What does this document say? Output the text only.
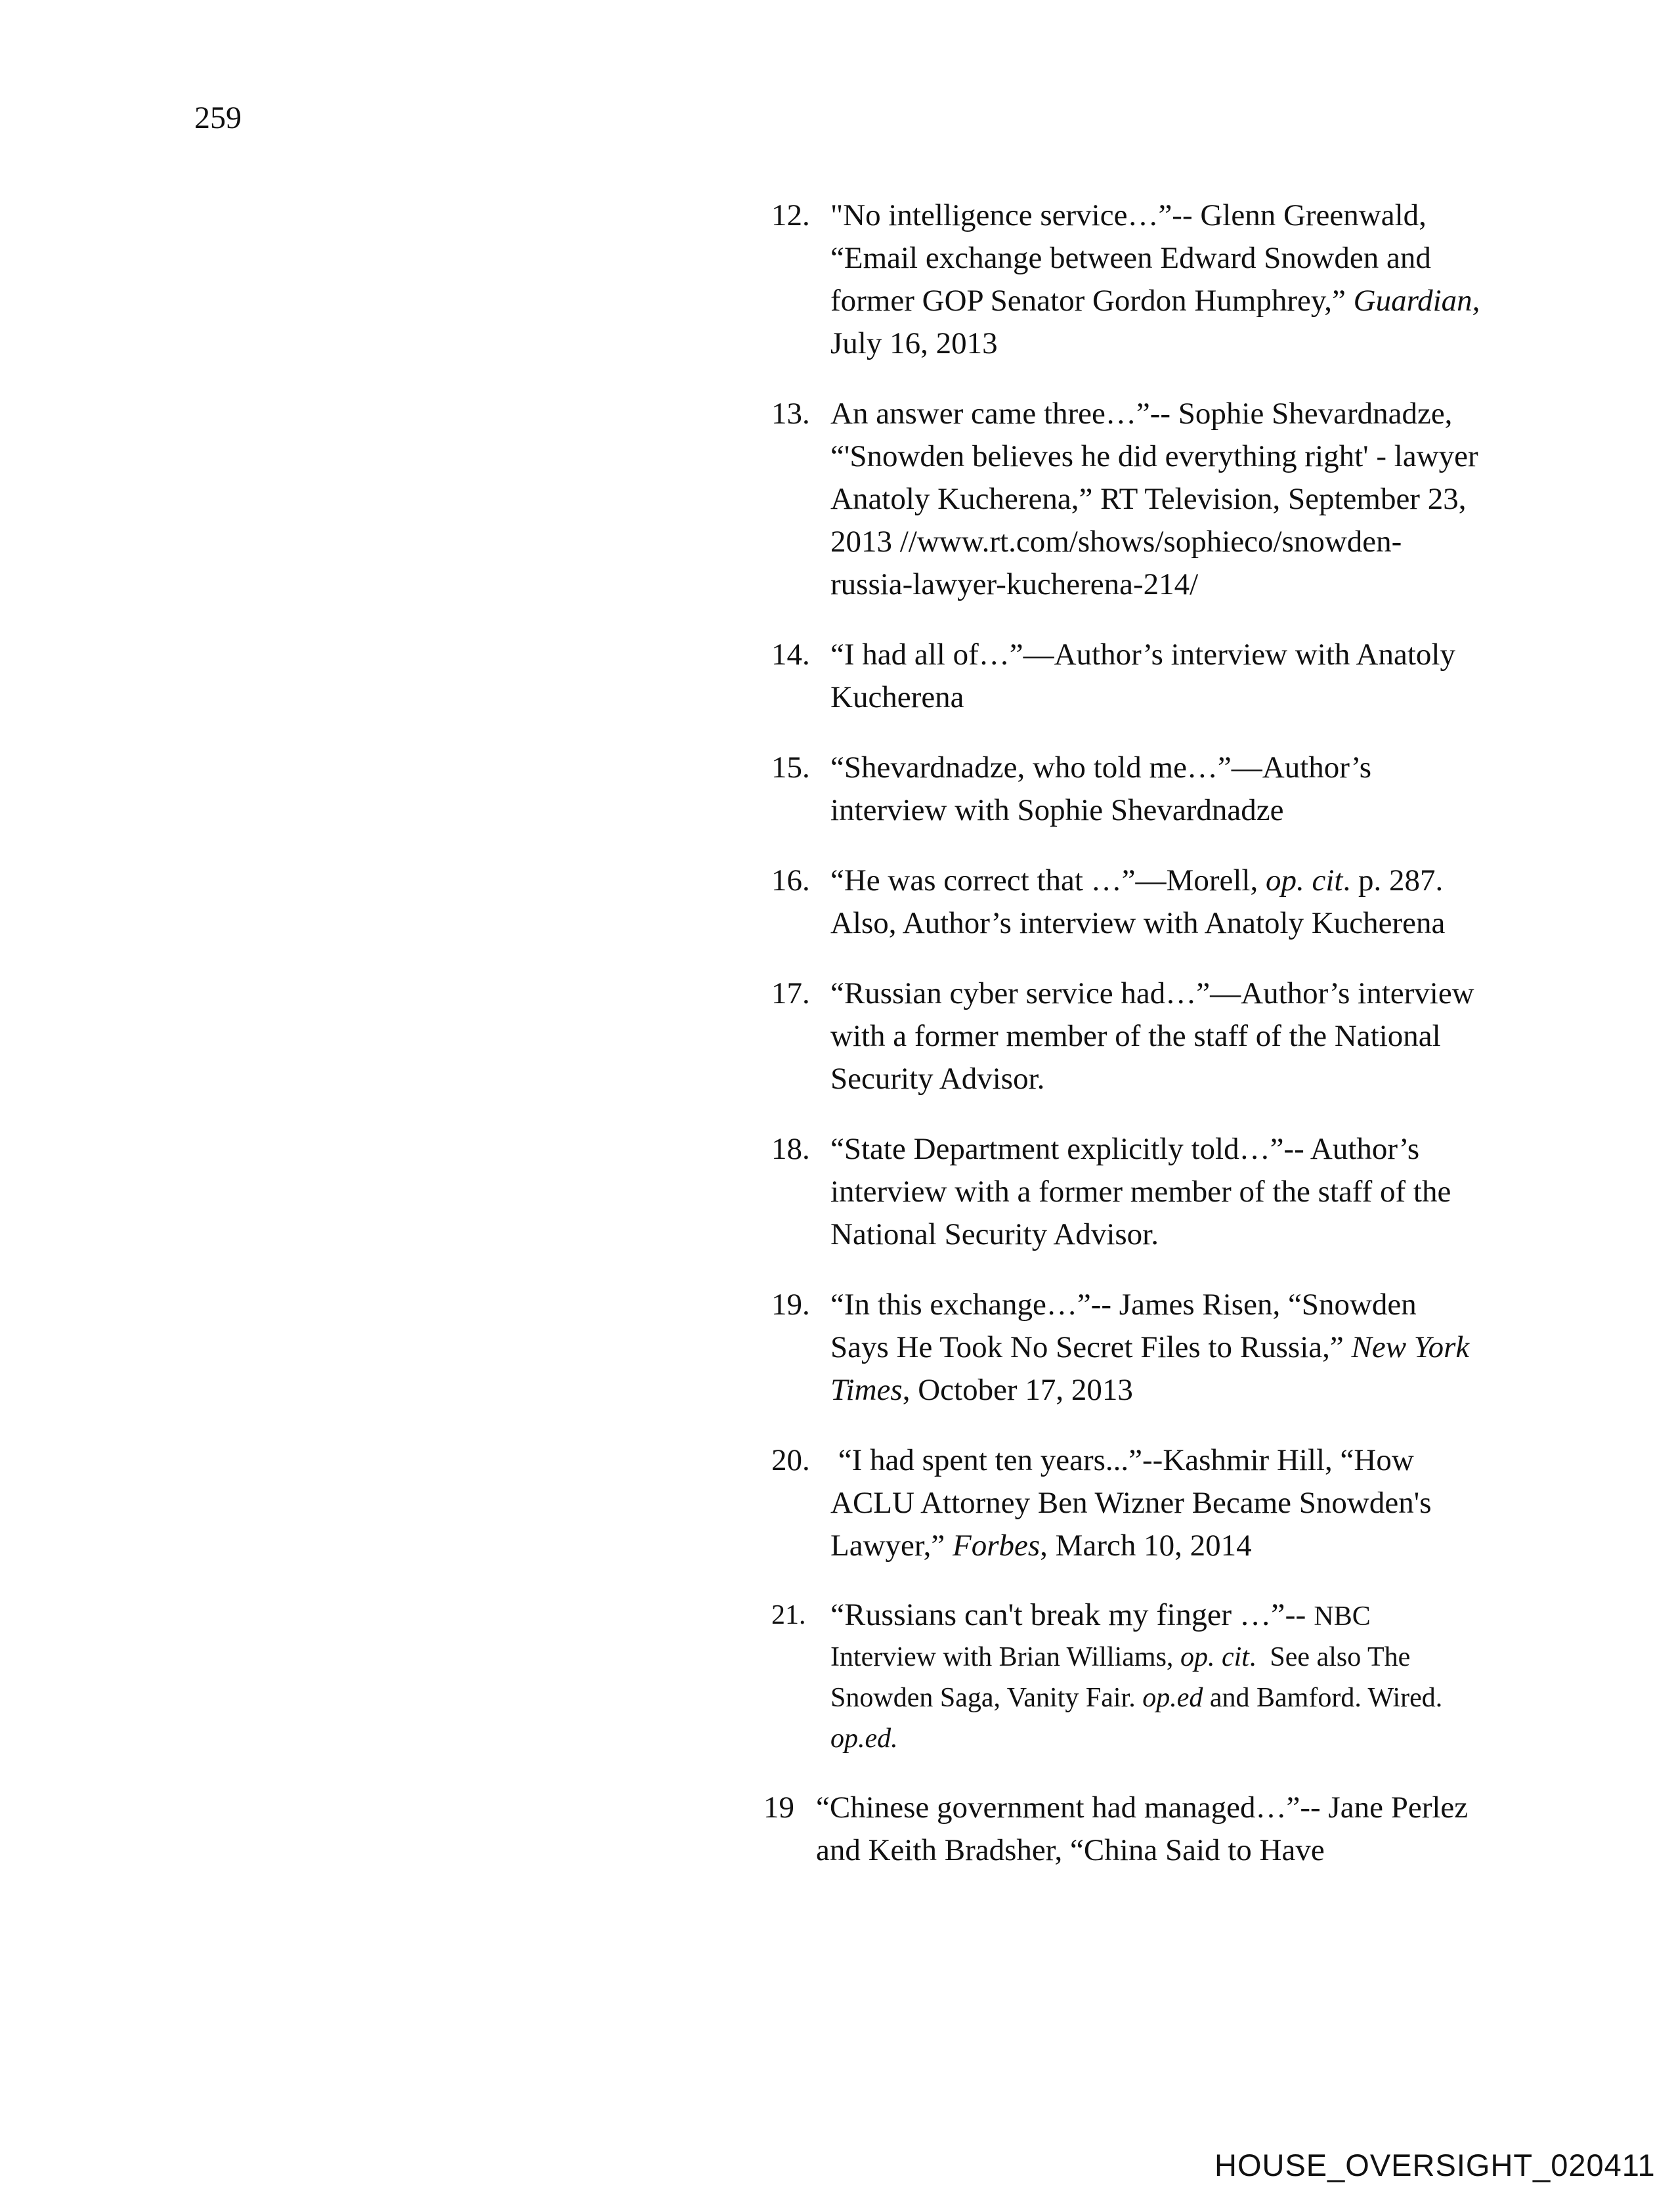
259
12. "No intelligence service…”-- Glenn Greenwald, “Email exchange between Edward Snowden and former GOP Senator Gordon Humphrey,” Guardian, July 16, 2013
13. An answer came three…”-- Sophie Shevardnadze, “'Snowden believes he did everything right' - lawyer Anatoly Kucherena,” RT Television, September 23, 2013 //www.rt.com/shows/sophieco/snowden-russia-lawyer-kucherena-214/
14. “I had all of…”—Author’s interview with Anatoly Kucherena
15. “Shevardnadze, who told me…”—Author’s interview with Sophie Shevardnadze
16. “He was correct that …”—Morell, op. cit. p. 287.  Also, Author’s interview with Anatoly Kucherena
17. “Russian cyber service had…”—Author’s interview with a former member of the staff of the National Security Advisor.
18. “State Department explicitly told…”-- Author’s interview with a former member of the staff of the National Security Advisor.
19. “In this exchange…”-- James Risen, “Snowden Says He Took No Secret Files to Russia,” New York Times, October 17, 2013
20. “I had spent ten years...”--Kashmir Hill, “How ACLU Attorney Ben Wizner Became Snowden's Lawyer,” Forbes, March 10, 2014
21. “Russians can't break my finger …”-- NBC Interview with Brian Williams, op. cit.  See also The Snowden Saga, Vanity Fair. op.ed and Bamford. Wired. op.ed.
19 “Chinese government had managed…”-- Jane Perlez and Keith Bradsher, “China Said to Have
HOUSE_OVERSIGHT_020411
